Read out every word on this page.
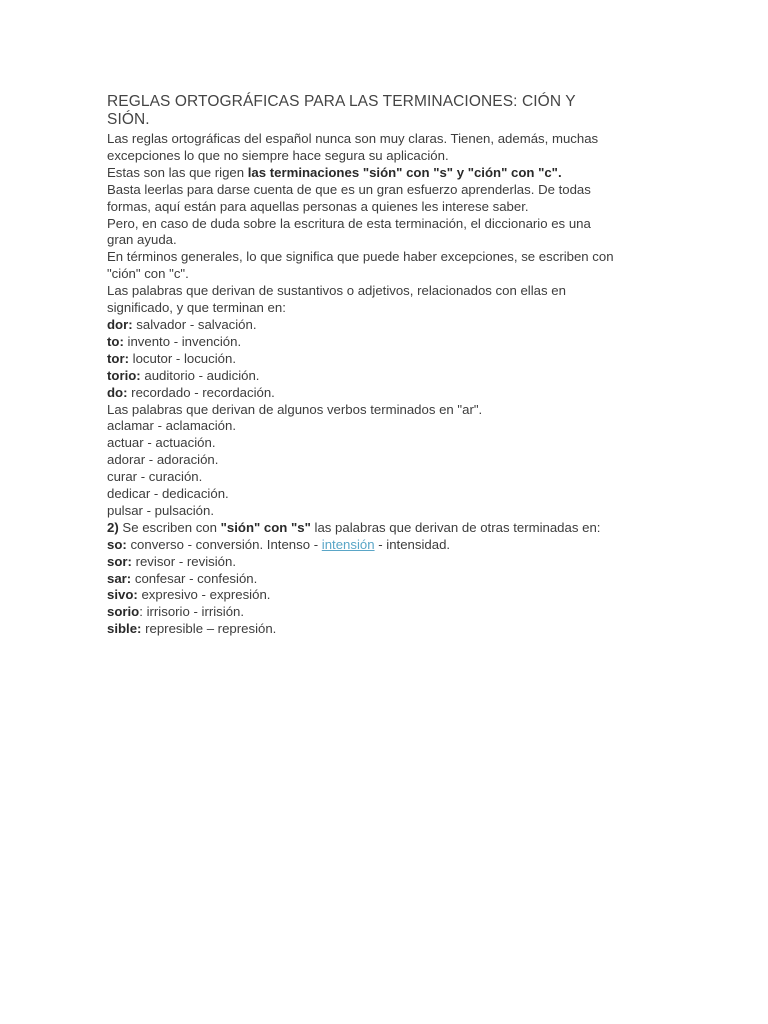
REGLAS ORTOGRÁFICAS PARA LAS TERMINACIONES: CIÓN Y
SIÓN.
Las reglas ortográficas del español nunca son muy claras. Tienen, además, muchas
excepciones lo que no siempre hace segura su aplicación.
Estas son las que rigen las terminaciones "sión" con "s" y "ción" con "c".
Basta leerlas para darse cuenta de que es un gran esfuerzo aprenderlas. De todas
formas, aquí están para aquellas personas a quienes les interese saber.
Pero, en caso de duda sobre la escritura de esta terminación, el diccionario es una
gran ayuda.
En términos generales, lo que significa que puede haber excepciones, se escriben con
"ción" con "c".
Las palabras que derivan de sustantivos o adjetivos, relacionados con ellas en
significado, y que terminan en:
dor: salvador - salvación.
to: invento - invención.
tor: locutor - locución.
torio: auditorio - audición.
do: recordado - recordación.
Las palabras que derivan de algunos verbos terminados en "ar".
aclamar - aclamación.
actuar - actuación.
adorar - adoración.
curar - curación.
dedicar - dedicación.
pulsar - pulsación.
2) Se escriben con "sión" con "s" las palabras que derivan de otras terminadas en:
so: converso - conversión. Intenso - intensión - intensidad.
sor: revisor - revisión.
sar: confesar - confesión.
sivo: expresivo - expresión.
sorio: irrisorio - irrisión.
sible: represible – represión.
